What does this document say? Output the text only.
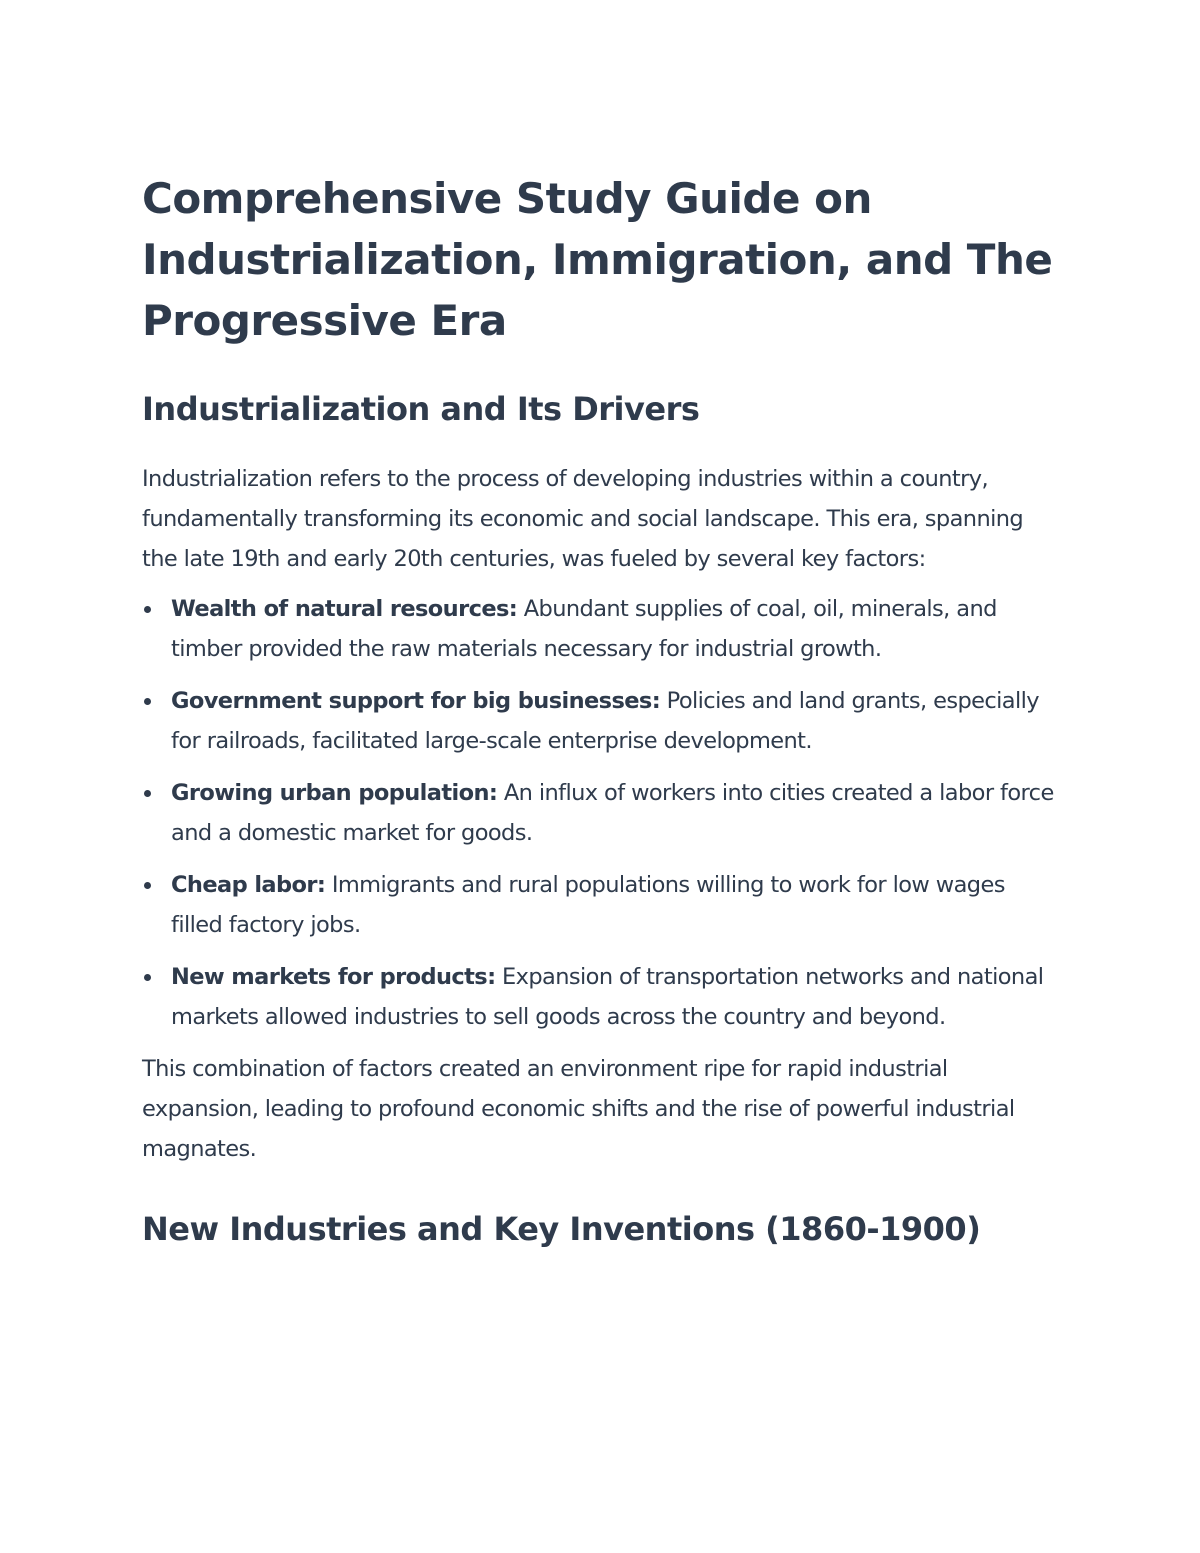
Comprehensive Study Guide on Industrialization, Immigration, and The Progressive Era
Industrialization and Its Drivers

Industrialization refers to the process of developing industries within a country, fundamentally transforming its economic and social landscape. This era, spanning the late 19th and early 20th centuries, was fueled by several key factors:

Wealth of natural resources: Abundant supplies of coal, oil, minerals, and timber provided the raw materials necessary for industrial growth.
Government support for big businesses: Policies and land grants, especially for railroads, facilitated large-scale enterprise development.
Growing urban population: An influx of workers into cities created a labor force and a domestic market for goods.
Cheap labor: Immigrants and rural populations willing to work for low wages filled factory jobs.
New markets for products: Expansion of transportation networks and national markets allowed industries to sell goods across the country and beyond.

This combination of factors created an environment ripe for rapid industrial expansion, leading to profound economic shifts and the rise of powerful industrial magnates.

New Industries and Key Inventions (1860-1900)
